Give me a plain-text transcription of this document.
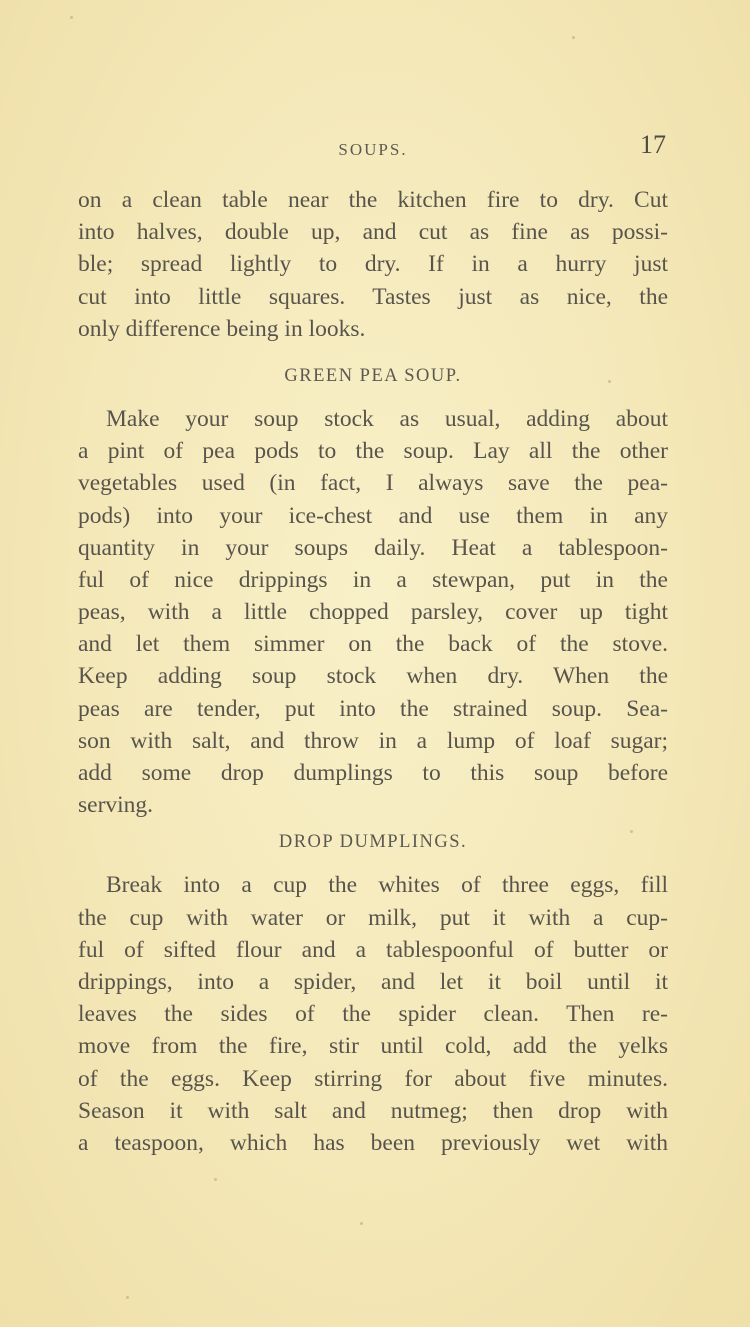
SOUPS.	17
on a clean table near the kitchen fire to dry. Cut
into halves, double up, and cut as fine as possi-
ble; spread lightly to dry. If in a hurry just
cut into little squares. Tastes just as nice, the
only difference being in looks.
GREEN PEA SOUP.
Make your soup stock as usual, adding about
a pint of pea pods to the soup. Lay all the other
vegetables used (in fact, I always save the pea-
pods) into your ice-chest and use them in any
quantity in your soups daily. Heat a tablespoon-
ful of nice drippings in a stewpan, put in the
peas, with a little chopped parsley, cover up tight
and let them simmer on the back of the stove.
Keep adding soup stock when dry. When the
peas are tender, put into the strained soup. Sea-
son with salt, and throw in a lump of loaf sugar;
add some drop dumplings to this soup before
serving.
DROP DUMPLINGS.
Break into a cup the whites of three eggs, fill
the cup with water or milk, put it with a cup-
ful of sifted flour and a tablespoonful of butter or
drippings, into a spider, and let it boil until it
leaves the sides of the spider clean. Then re-
move from the fire, stir until cold, add the yelks
of the eggs. Keep stirring for about five minutes.
Season it with salt and nutmeg; then drop with
a teaspoon, which has been previously wet with
